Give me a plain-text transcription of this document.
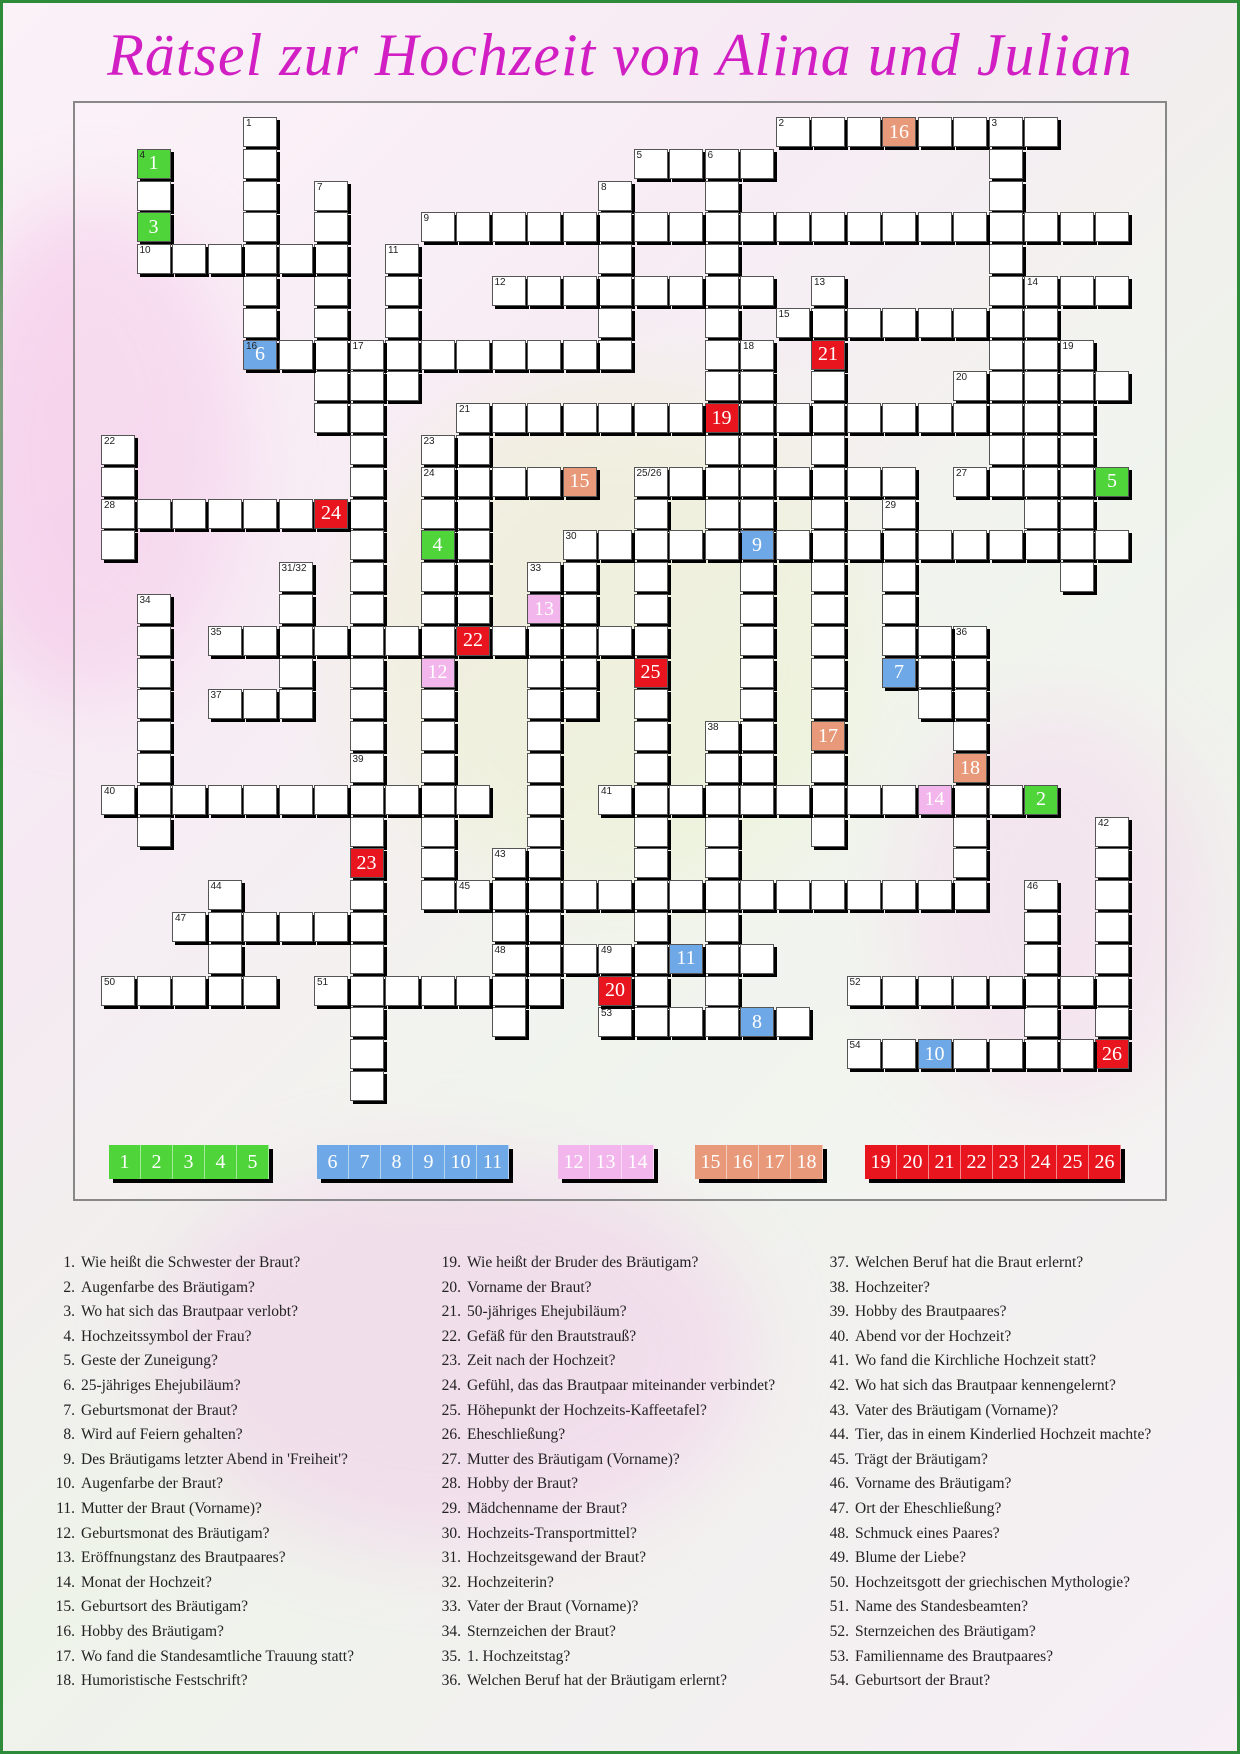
Rätsel zur Hochzeit von Alina und Julian
1
6
16
2	16	3
1
4
3
10
5	6
19
7	8
9
11
12	13
21
17
14
15
17
39
23
18
9
19
20
21
22
28
23
24
4
12
15	25/26
25
27	5
24	29
7
30
31/32	33
13
34
35	22	36
18
37
38
40	41	14	2
42
26
43
48
44	45	46
47
49	11
50	51	52
53	8
54	10
20
1	2	3	4	5	6	7	8	9 10 11	12 13 14	15 16 17 18	19 20 21 22 23 24 25 26
1. Wie heißt die Schwester der Braut?
2. Augenfarbe des Bräutigam?
3. Wo hat sich das Brautpaar verlobt?
4. Hochzeitssymbol der Frau?
5. Geste der Zuneigung?
6. 25-jähriges Ehejubiläum?
7. Geburtsmonat der Braut?
8. Wird auf Feiern gehalten?
9. Des Bräutigams letzter Abend in 'Freiheit'?
10. Augenfarbe der Braut?
11. Mutter der Braut (Vorname)?
12. Geburtsmonat des Bräutigam?
13. Eröffnungstanz des Brautpaares?
14. Monat der Hochzeit?
15. Geburtsort des Bräutigam?
16. Hobby des Bräutigam?
17. Wo fand die Standesamtliche Trauung statt?
18. Humoristische Festschrift?
19. Wie heißt der Bruder des Bräutigam?
20. Vorname der Braut?
21. 50-jähriges Ehejubiläum?
22. Gefäß für den Brautstrauß?
23. Zeit nach der Hochzeit?
24. Gefühl, das das Brautpaar miteinander verbindet?
25. Höhepunkt der Hochzeits-Kaffeetafel?
26. Eheschließung?
27. Mutter des Bräutigam (Vorname)?
28. Hobby der Braut?
29. Mädchenname der Braut?
30. Hochzeits-Transportmittel?
31. Hochzeitsgewand der Braut?
32. Hochzeiterin?
33. Vater der Braut (Vorname)?
34. Sternzeichen der Braut?
35. 1. Hochzeitstag?
36. Welchen Beruf hat der Bräutigam erlernt?
37. Welchen Beruf hat die Braut erlernt?
38. Hochzeiter?
39. Hobby des Brautpaares?
40. Abend vor der Hochzeit?
41. Wo fand die Kirchliche Hochzeit statt?
42. Wo hat sich das Brautpaar kennengelernt?
43. Vater des Bräutigam (Vorname)?
44. Tier, das in einem Kinderlied Hochzeit machte?
45. Trägt der Bräutigam?
46. Vorname des Bräutigam?
47. Ort der Eheschließung?
48. Schmuck eines Paares?
49. Blume der Liebe?
50. Hochzeitsgott der griechischen Mythologie?
51. Name des Standesbeamten?
52. Sternzeichen des Bräutigam?
53. Familienname des Brautpaares?
54. Geburtsort der Braut?
